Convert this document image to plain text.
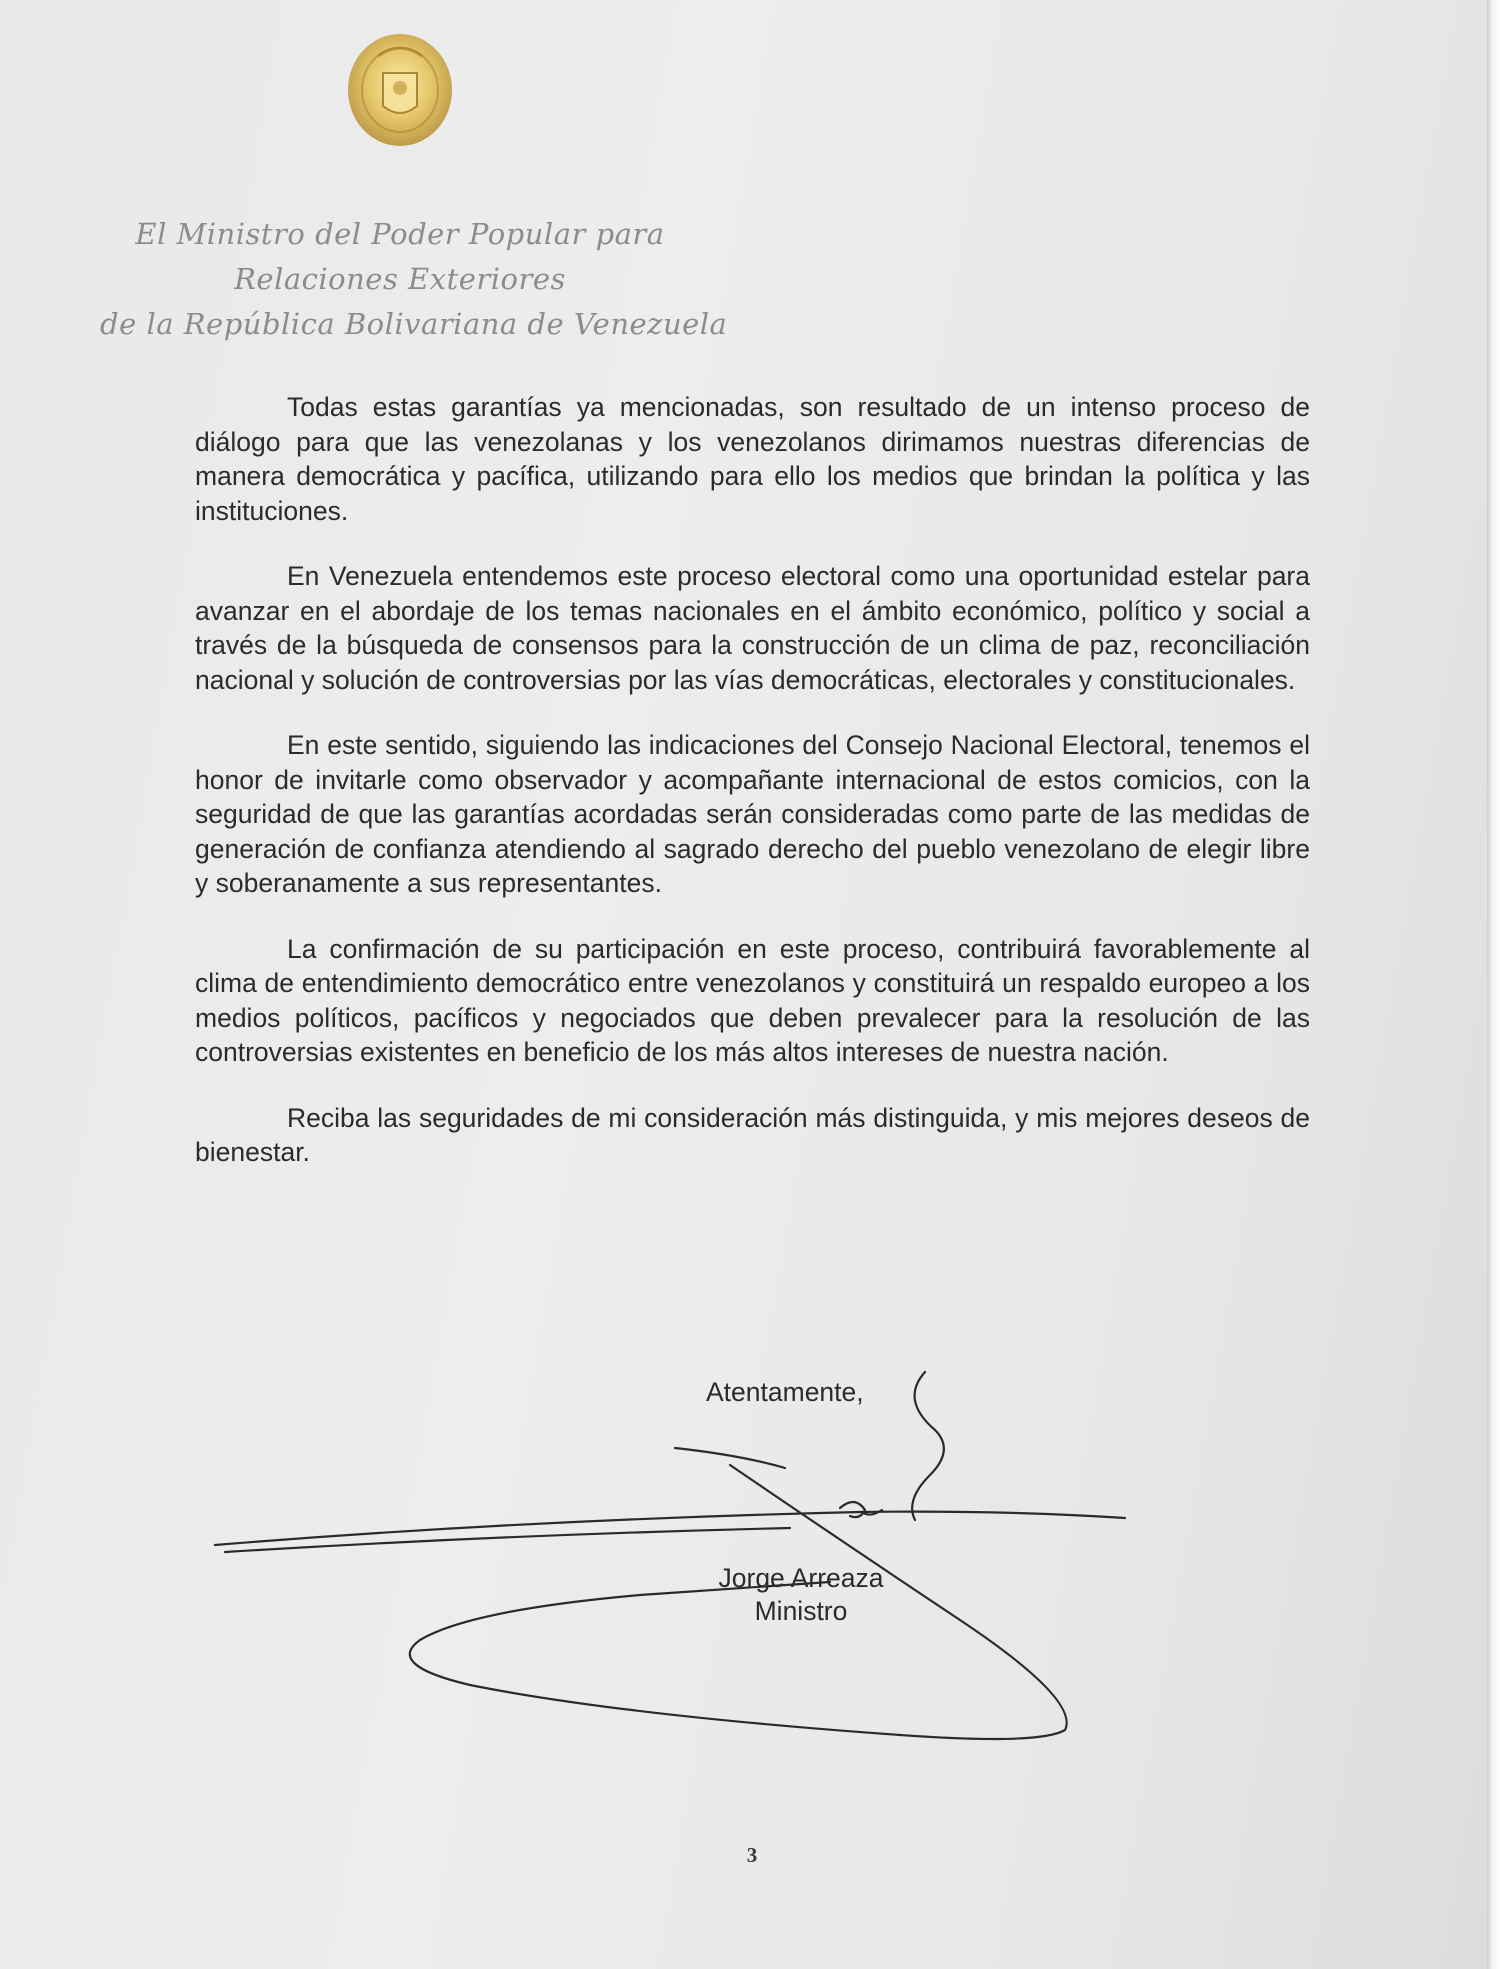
El Ministro del Poder Popular para
Relaciones Exteriores
de la República Bolivariana de Venezuela

Todas estas garantías ya mencionadas, son resultado de un intenso proceso de diálogo para que las venezolanas y los venezolanos dirimamos nuestras diferencias de manera democrática y pacífica, utilizando para ello los medios que brindan la política y las instituciones.

En Venezuela entendemos este proceso electoral como una oportunidad estelar para avanzar en el abordaje de los temas nacionales en el ámbito económico, político y social a través de la búsqueda de consensos para la construcción de un clima de paz, reconciliación nacional y solución de controversias por las vías democráticas, electorales y constitucionales.

En este sentido, siguiendo las indicaciones del Consejo Nacional Electoral, tenemos el honor de invitarle como observador y acompañante internacional de estos comicios, con la seguridad de que las garantías acordadas serán consideradas como parte de las medidas de generación de confianza atendiendo al sagrado derecho del pueblo venezolano de elegir libre y soberanamente a sus representantes.

La confirmación de su participación en este proceso, contribuirá favorablemente al clima de entendimiento democrático entre venezolanos y constituirá un respaldo europeo a los medios políticos, pacíficos y negociados que deben prevalecer para la resolución de las controversias existentes en beneficio de los más altos intereses de nuestra nación.

Reciba las seguridades de mi consideración más distinguida, y mis mejores deseos de bienestar.

Atentamente,
Jorge Arreaza
Ministro
3
